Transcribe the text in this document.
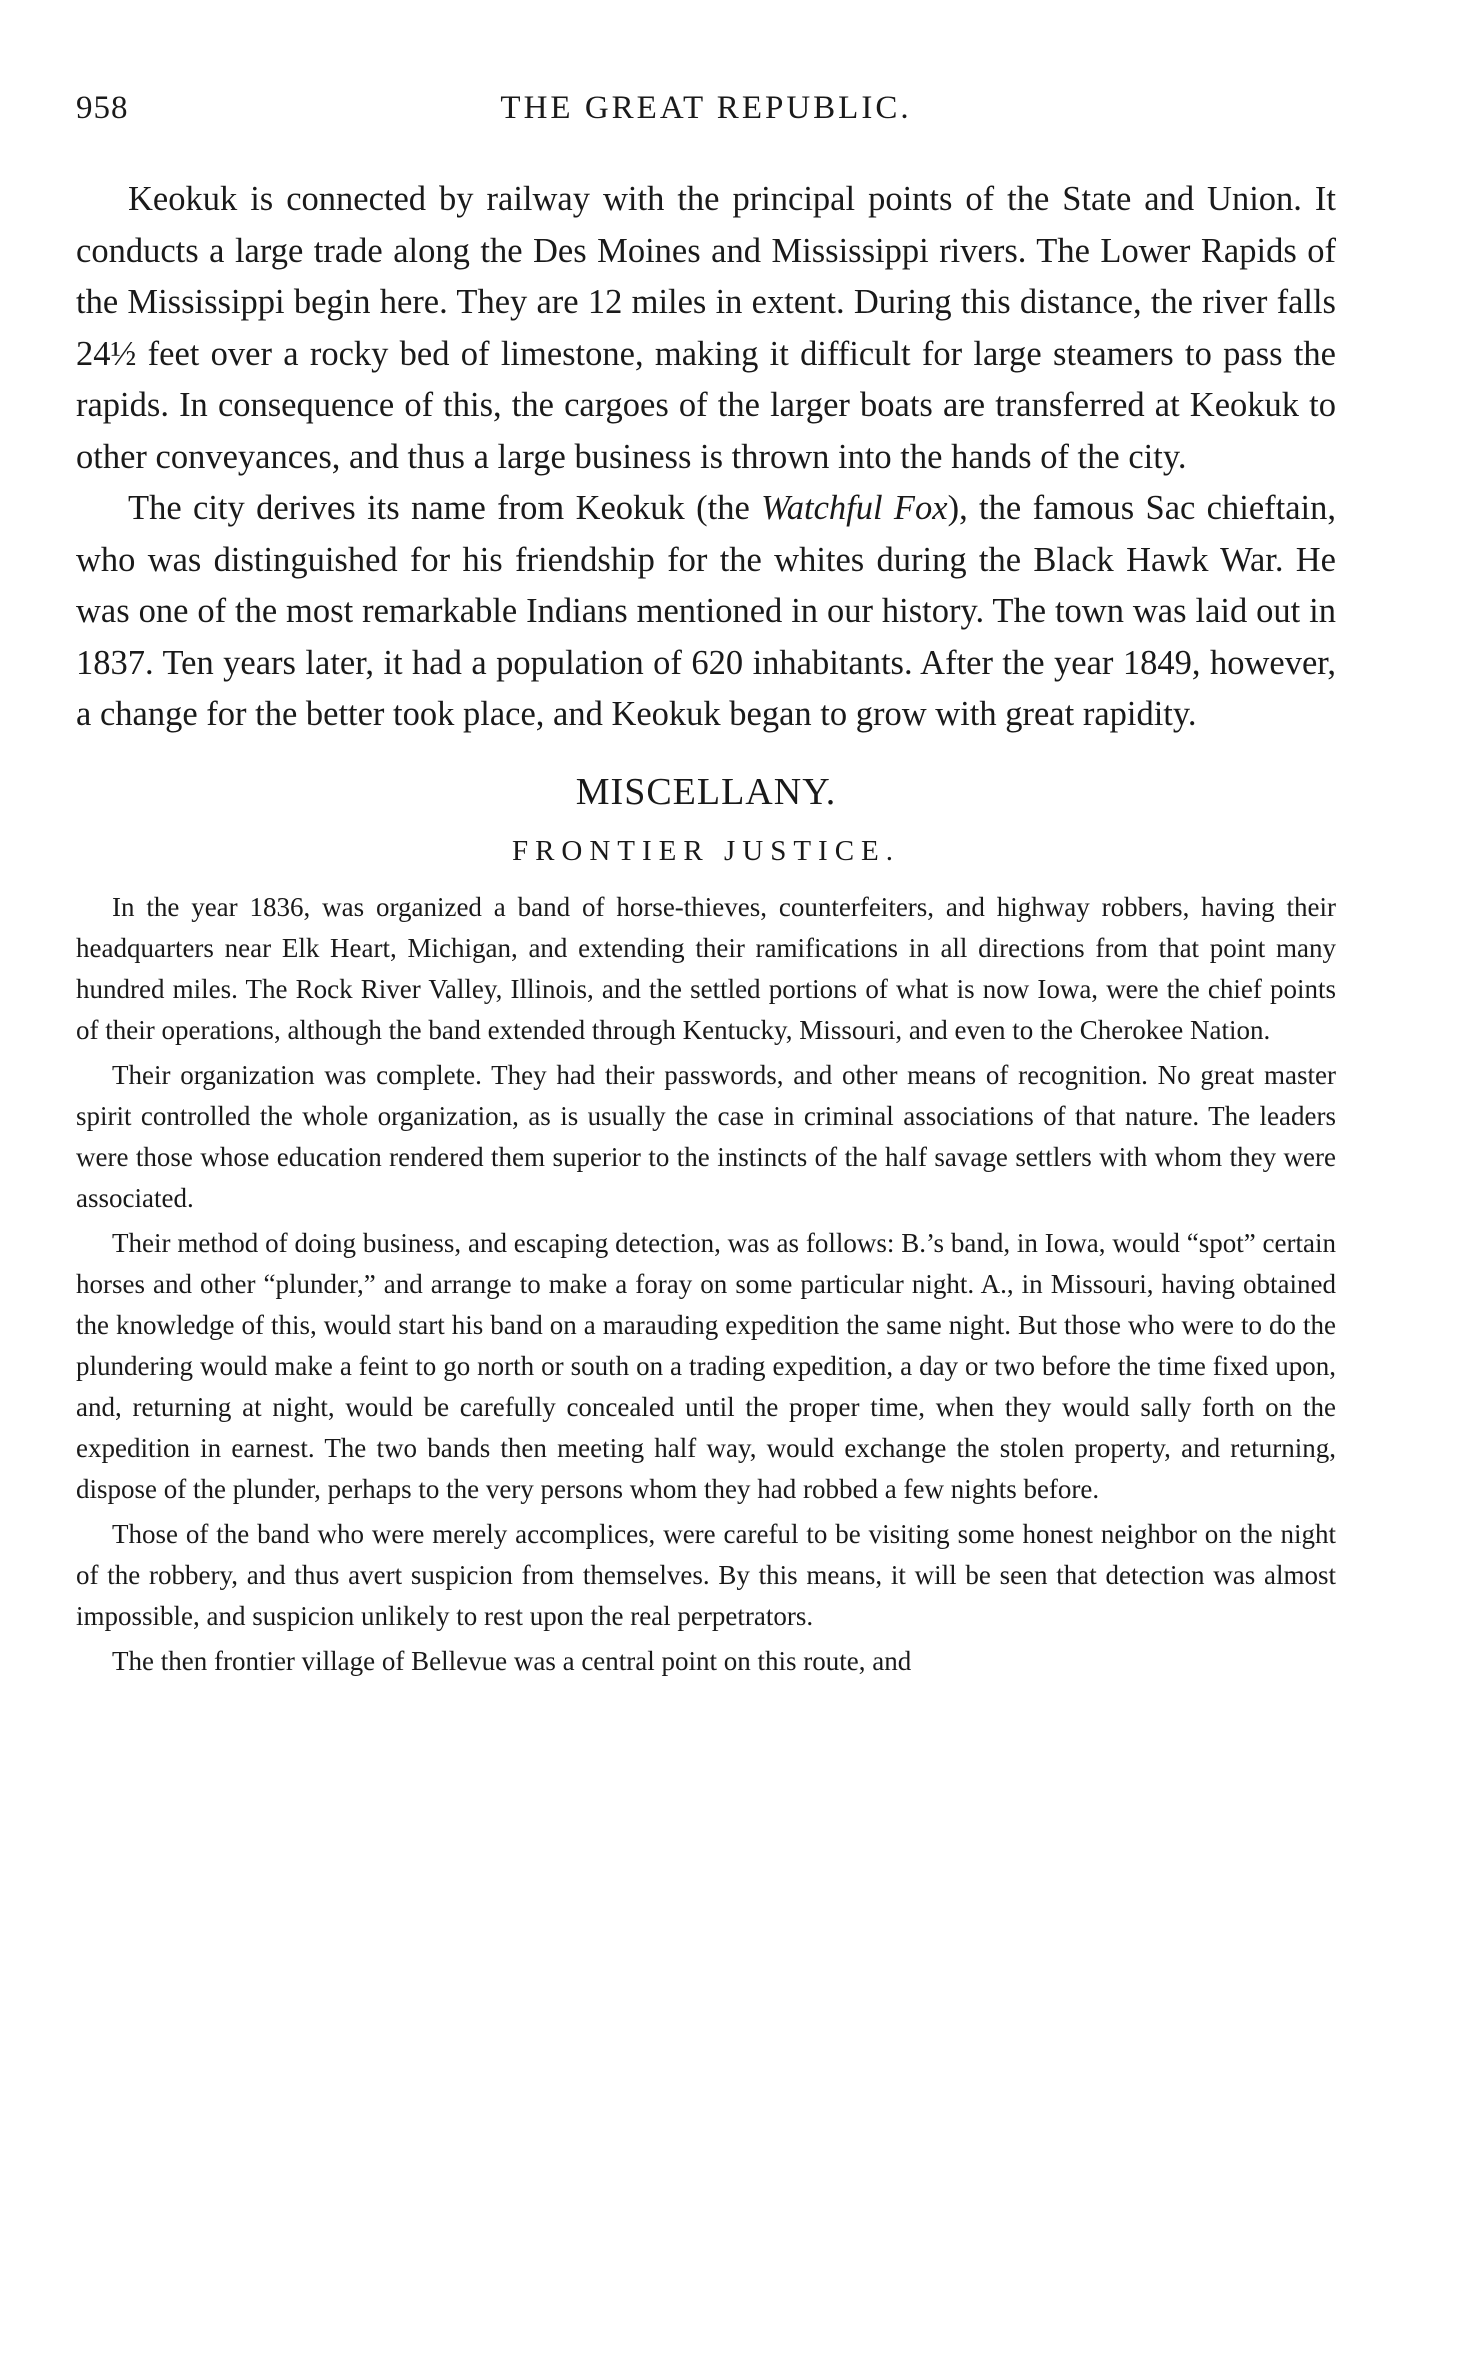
958	THE GREAT REPUBLIC.

Keokuk is connected by railway with the principal points of the State and Union. It conducts a large trade along the Des Moines and Mississippi rivers. The Lower Rapids of the Mississippi begin here. They are 12 miles in extent. During this distance, the river falls 24½ feet over a rocky bed of limestone, making it difficult for large steamers to pass the rapids. In consequence of this, the cargoes of the larger boats are transferred at Keokuk to other conveyances, and thus a large business is thrown into the hands of the city.

The city derives its name from Keokuk (the Watchful Fox), the famous Sac chieftain, who was distinguished for his friendship for the whites during the Black Hawk War. He was one of the most remarkable Indians mentioned in our history. The town was laid out in 1837. Ten years later, it had a population of 620 inhabitants. After the year 1849, however, a change for the better took place, and Keokuk began to grow with great rapidity.

MISCELLANY.
FRONTIER JUSTICE.

In the year 1836, was organized a band of horse-thieves, counterfeiters, and highway robbers, having their headquarters near Elk Heart, Michigan, and extending their ramifications in all directions from that point many hundred miles. The Rock River Valley, Illinois, and the settled portions of what is now Iowa, were the chief points of their operations, although the band extended through Kentucky, Missouri, and even to the Cherokee Nation.

Their organization was complete. They had their passwords, and other means of recognition. No great master spirit controlled the whole organization, as is usually the case in criminal associations of that nature. The leaders were those whose education rendered them superior to the instincts of the half savage settlers with whom they were associated.

Their method of doing business, and escaping detection, was as follows: B.’s band, in Iowa, would “spot” certain horses and other “plunder,” and arrange to make a foray on some particular night. A., in Missouri, having obtained the knowledge of this, would start his band on a marauding expedition the same night. But those who were to do the plundering would make a feint to go north or south on a trading expedition, a day or two before the time fixed upon, and, returning at night, would be carefully concealed until the proper time, when they would sally forth on the expedition in earnest. The two bands then meeting half way, would exchange the stolen property, and returning, dispose of the plunder, perhaps to the very persons whom they had robbed a few nights before.

Those of the band who were merely accomplices, were careful to be visiting some honest neighbor on the night of the robbery, and thus avert suspicion from themselves. By this means, it will be seen that detection was almost impossible, and suspicion unlikely to rest upon the real perpetrators.

The then frontier village of Bellevue was a central point on this route, and
